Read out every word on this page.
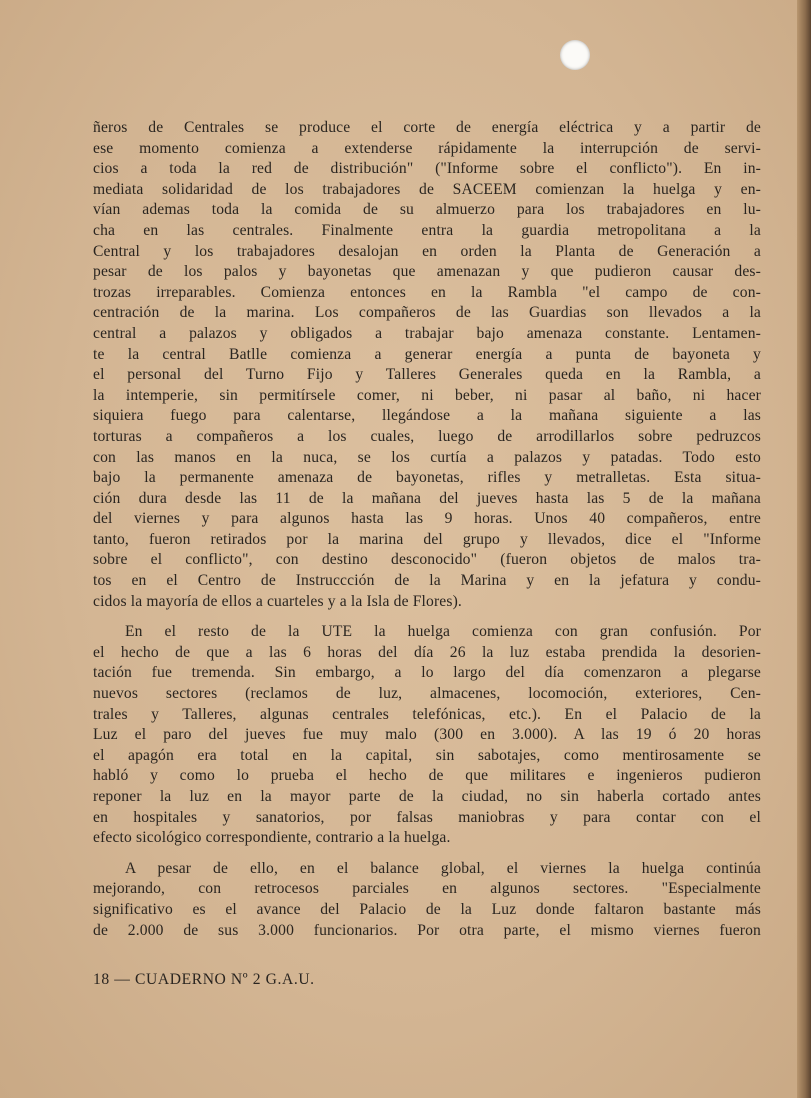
ñeros de Centrales se produce el corte de energía eléctrica y a partir de
ese momento comienza a extenderse rápidamente la interrupción de servi-
cios a toda la red de distribución" ("Informe sobre el conflicto"). En in-
mediata solidaridad de los trabajadores de SACEEM comienzan la huelga y en-
vían ademas toda la comida de su almuerzo para los trabajadores en lu-
cha en las centrales. Finalmente entra la guardia metropolitana a la
Central y los trabajadores desalojan en orden la Planta de Generación a
pesar de los palos y bayonetas que amenazan y que pudieron causar des-
trozas irreparables. Comienza entonces en la Rambla "el campo de con-
centración de la marina. Los compañeros de las Guardias son llevados a la
central a palazos y obligados a trabajar bajo amenaza constante. Lentamen-
te la central Batlle comienza a generar energía a punta de bayoneta y
el personal del Turno Fijo y Talleres Generales queda en la Rambla, a
la intemperie, sin permitírsele comer, ni beber, ni pasar al baño, ni hacer
siquiera fuego para calentarse, llegándose a la mañana siguiente a las
torturas a compañeros a los cuales, luego de arrodillarlos sobre pedruzcos
con las manos en la nuca, se los curtía a palazos y patadas. Todo esto
bajo la permanente amenaza de bayonetas, rifles y metralletas. Esta situa-
ción dura desde las 11 de la mañana del jueves hasta las 5 de la mañana
del viernes y para algunos hasta las 9 horas. Unos 40 compañeros, entre
tanto, fueron retirados por la marina del grupo y llevados, dice el "Informe
sobre el conflicto", con destino desconocido" (fueron objetos de malos tra-
tos en el Centro de Instruccción de la Marina y en la jefatura y condu-
cidos la mayoría de ellos a cuarteles y a la Isla de Flores).
En el resto de la UTE la huelga comienza con gran confusión. Por
el hecho de que a las 6 horas del día 26 la luz estaba prendida la desorien-
tación fue tremenda. Sin embargo, a lo largo del día comenzaron a plegarse
nuevos sectores (reclamos de luz, almacenes, locomoción, exteriores, Cen-
trales y Talleres, algunas centrales telefónicas, etc.). En el Palacio de la
Luz el paro del jueves fue muy malo (300 en 3.000). A las 19 ó 20 horas
el apagón era total en la capital, sin sabotajes, como mentirosamente se
habló y como lo prueba el hecho de que militares e ingenieros pudieron
reponer la luz en la mayor parte de la ciudad, no sin haberla cortado antes
en hospitales y sanatorios, por falsas maniobras y para contar con el
efecto sicológico correspondiente, contrario a la huelga.
A pesar de ello, en el balance global, el viernes la huelga continúa
mejorando, con retrocesos parciales en algunos sectores. "Especialmente
significativo es el avance del Palacio de la Luz donde faltaron bastante más
de 2.000 de sus 3.000 funcionarios. Por otra parte, el mismo viernes fueron
18 — CUADERNO Nº 2 G.A.U.
